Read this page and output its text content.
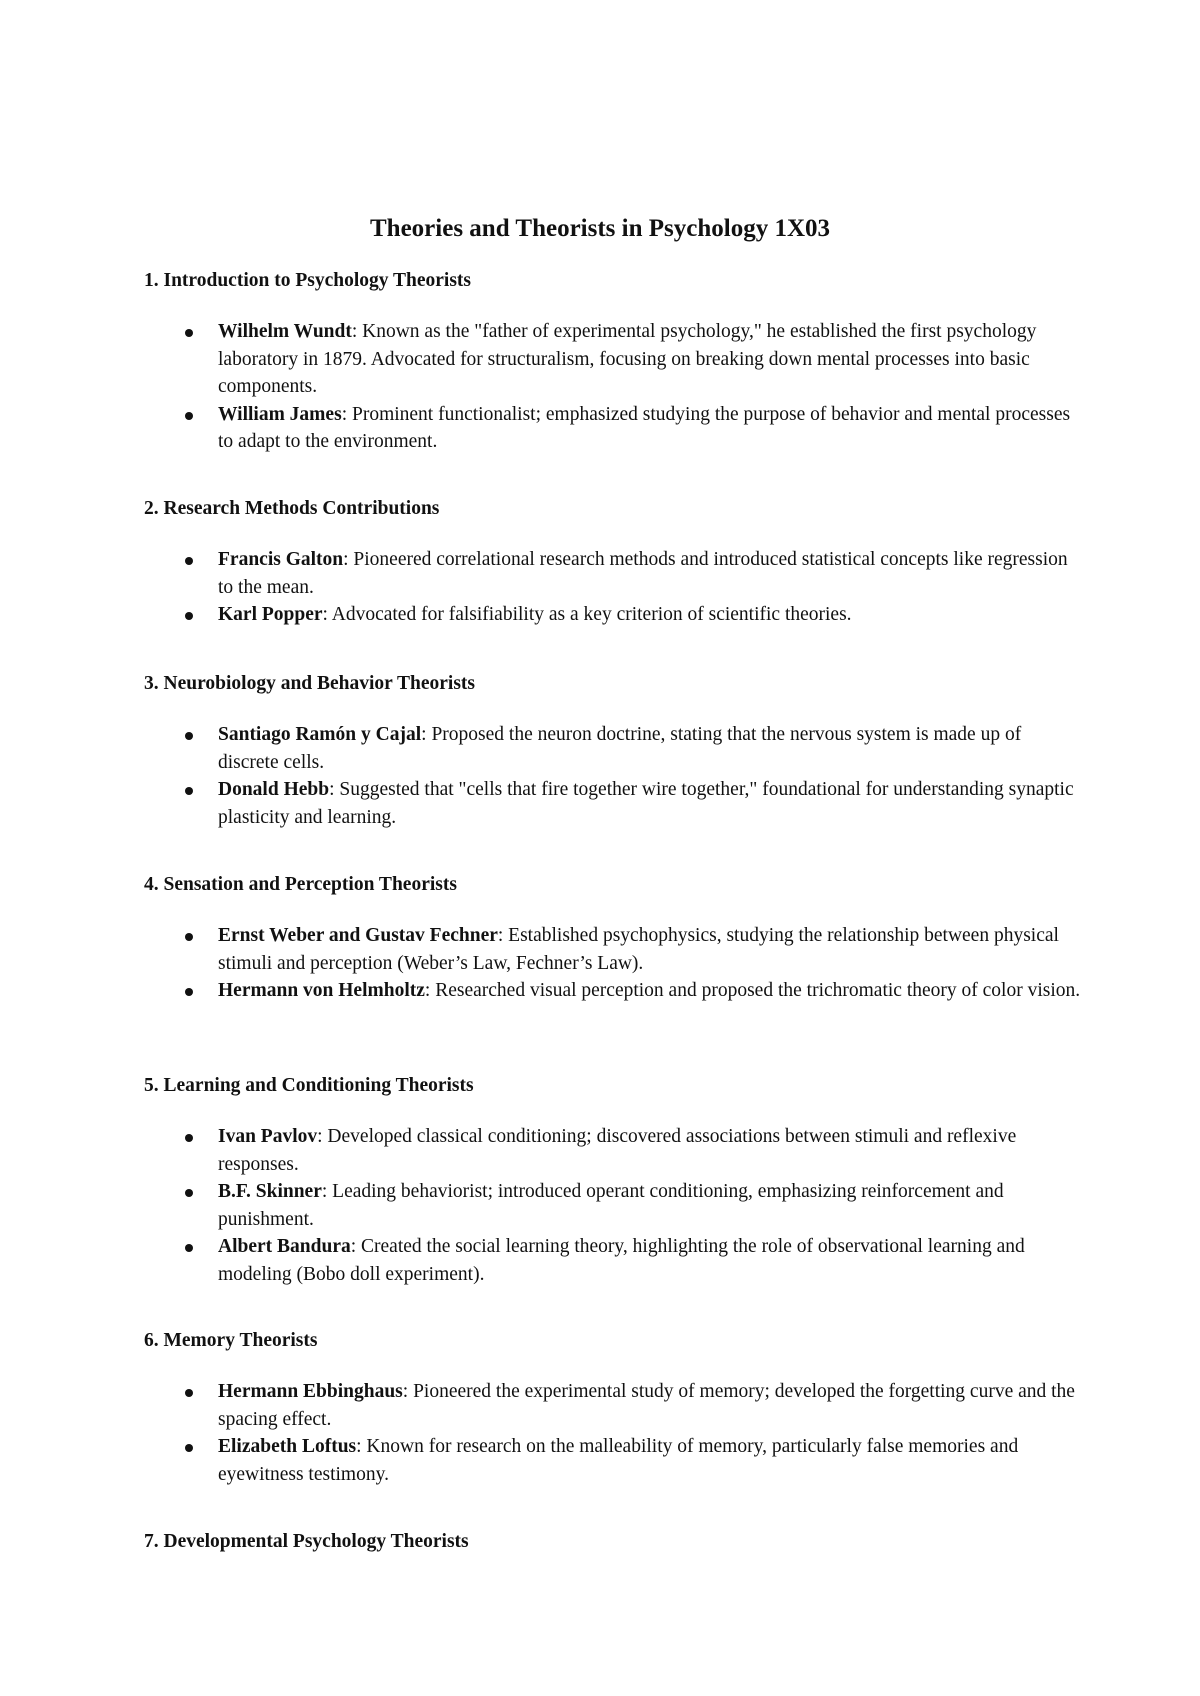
Theories and Theorists in Psychology 1X03
1. Introduction to Psychology Theorists
Wilhelm Wundt: Known as the "father of experimental psychology," he established the first psychology laboratory in 1879. Advocated for structuralism, focusing on breaking down mental processes into basic components.
William James: Prominent functionalist; emphasized studying the purpose of behavior and mental processes to adapt to the environment.
2. Research Methods Contributions
Francis Galton: Pioneered correlational research methods and introduced statistical concepts like regression to the mean.
Karl Popper: Advocated for falsifiability as a key criterion of scientific theories.
3. Neurobiology and Behavior Theorists
Santiago Ramón y Cajal: Proposed the neuron doctrine, stating that the nervous system is made up of discrete cells.
Donald Hebb: Suggested that "cells that fire together wire together," foundational for understanding synaptic plasticity and learning.
4. Sensation and Perception Theorists
Ernst Weber and Gustav Fechner: Established psychophysics, studying the relationship between physical stimuli and perception (Weber’s Law, Fechner’s Law).
Hermann von Helmholtz: Researched visual perception and proposed the trichromatic theory of color vision.
5. Learning and Conditioning Theorists
Ivan Pavlov: Developed classical conditioning; discovered associations between stimuli and reflexive responses.
B.F. Skinner: Leading behaviorist; introduced operant conditioning, emphasizing reinforcement and punishment.
Albert Bandura: Created the social learning theory, highlighting the role of observational learning and modeling (Bobo doll experiment).
6. Memory Theorists
Hermann Ebbinghaus: Pioneered the experimental study of memory; developed the forgetting curve and the spacing effect.
Elizabeth Loftus: Known for research on the malleability of memory, particularly false memories and eyewitness testimony.
7. Developmental Psychology Theorists
